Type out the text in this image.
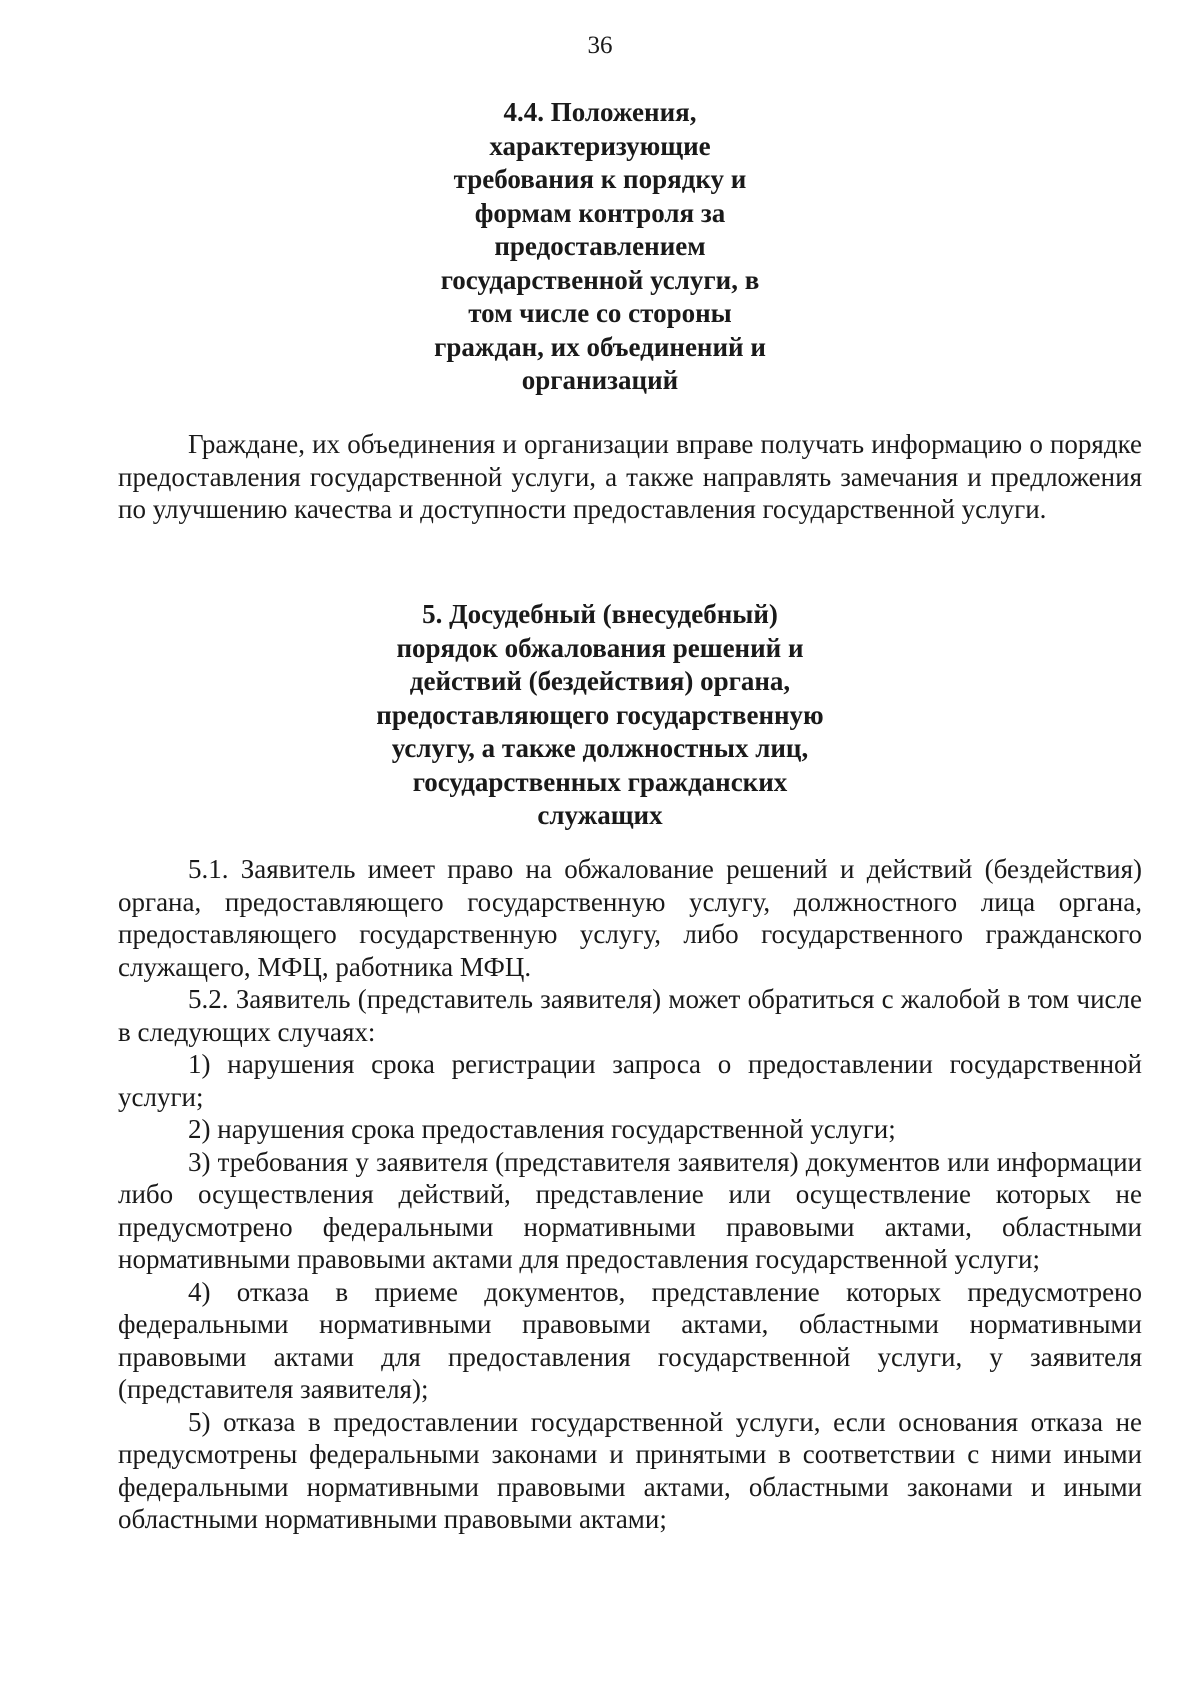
36
4.4. Положения,
характеризующие
требования к порядку и
формам контроля за
предоставлением
государственной услуги, в
том числе со стороны
граждан, их объединений и
организаций

Граждане, их объединения и организации вправе получать информацию о порядке предоставления государственной услуги, а также направлять замечания и предложения по улучшению качества и доступности предоставления государственной услуги.

5. Досудебный (внесудебный)
порядок обжалования решений и
действий (бездействия) органа,
предоставляющего государственную
услугу, а также должностных лиц,
государственных гражданских
служащих

5.1. Заявитель имеет право на обжалование решений и действий (бездействия) органа, предоставляющего государственную услугу, должностного лица органа, предоставляющего государственную услугу, либо государственного гражданского служащего, МФЦ, работника МФЦ.

5.2. Заявитель (представитель заявителя) может обратиться с жалобой в том числе в следующих случаях:

1) нарушения срока регистрации запроса о предоставлении государственной услуги;

2) нарушения срока предоставления государственной услуги;

3) требования у заявителя (представителя заявителя) документов или информации либо осуществления действий, представление или осуществление которых не предусмотрено федеральными нормативными правовыми актами, областными нормативными правовыми актами для предоставления государственной услуги;

4) отказа в приеме документов, представление которых предусмотрено федеральными нормативными правовыми актами, областными нормативными правовыми актами для предоставления государственной услуги, у заявителя (представителя заявителя);

5) отказа в предоставлении государственной услуги, если основания отказа не предусмотрены федеральными законами и принятыми в соответствии с ними иными федеральными нормативными правовыми актами, областными законами и иными областными нормативными правовыми актами;
